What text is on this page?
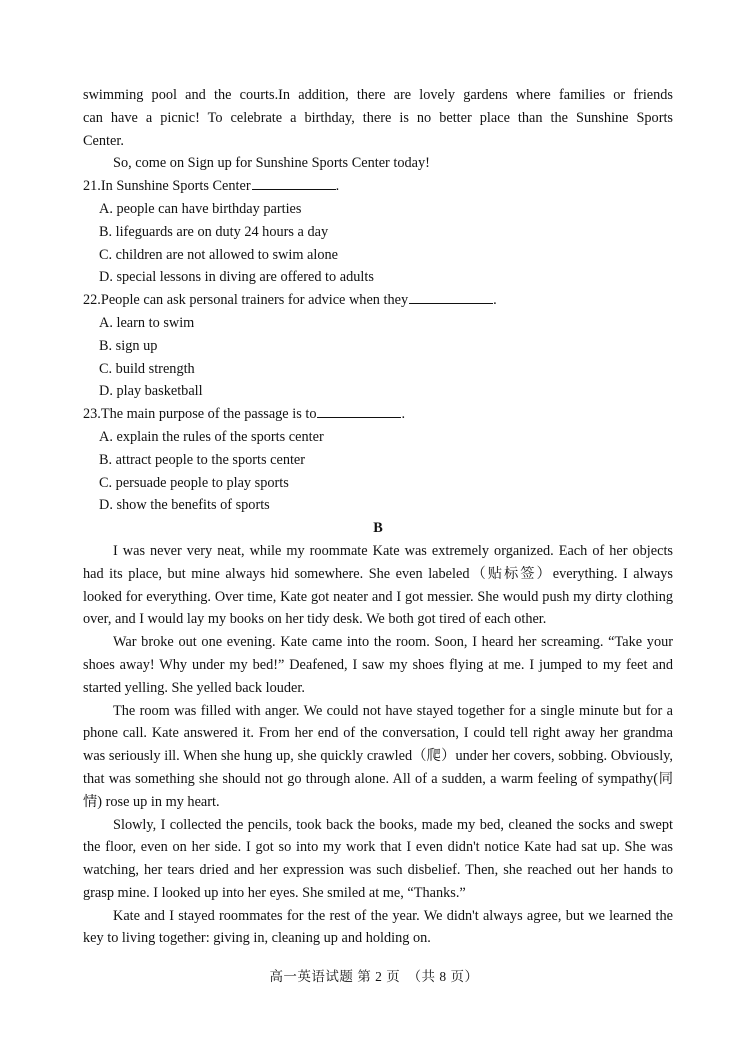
swimming pool and the courts.In addition, there are lovely gardens where families or friends

can have a picnic! To celebrate a birthday, there is no better place than the Sunshine Sports

Center.

So, come on Sign up for Sunshine Sports Center today!

21.In Sunshine Sports Center	.

A. people can have birthday parties

B. lifeguards are on duty 24 hours a day

C. children are not allowed to swim alone

D. special lessons in diving are offered to adults

22.People can ask personal trainers for advice when they	.

A. learn to swim

B. sign up

C. build strength

D. play basketball

23.The main purpose of the passage is to	.

A. explain the rules of the sports center

B. attract people to the sports center

C. persuade people to play sports

D. show the benefits of sports

B

I was never very neat, while my roommate Kate was extremely organized. Each of her objects had its place, but mine always hid somewhere. She even labeled（贴标签）everything. I always looked for everything. Over time, Kate got neater and I got messier. She would push my dirty clothing over, and I would lay my books on her tidy desk. We both got tired of each other.

War broke out one evening. Kate came into the room. Soon, I heard her screaming. “Take your shoes away! Why under my bed!” Deafened, I saw my shoes flying at me. I jumped to my feet and started yelling. She yelled back louder.

The room was filled with anger. We could not have stayed together for a single minute but for a phone call. Kate answered it. From her end of the conversation, I could tell right away her grandma was seriously ill. When she hung up, she quickly crawled（爬）under her covers, sobbing. Obviously, that was something she should not go through alone. All of a sudden, a warm feeling of sympathy(同情) rose up in my heart.

Slowly, I collected the pencils, took back the books, made my bed, cleaned the socks and swept the floor, even on her side. I got so into my work that I even didn't notice Kate had sat up. She was watching, her tears dried and her expression was such disbelief. Then, she reached out her hands to grasp mine. I looked up into her eyes. She smiled at me, “Thanks.”

Kate and I stayed roommates for the rest of the year. We didn't always agree, but we learned the key to living together: giving in, cleaning up and holding on.

高一英语试题 第 2 页　（共 8 页）
